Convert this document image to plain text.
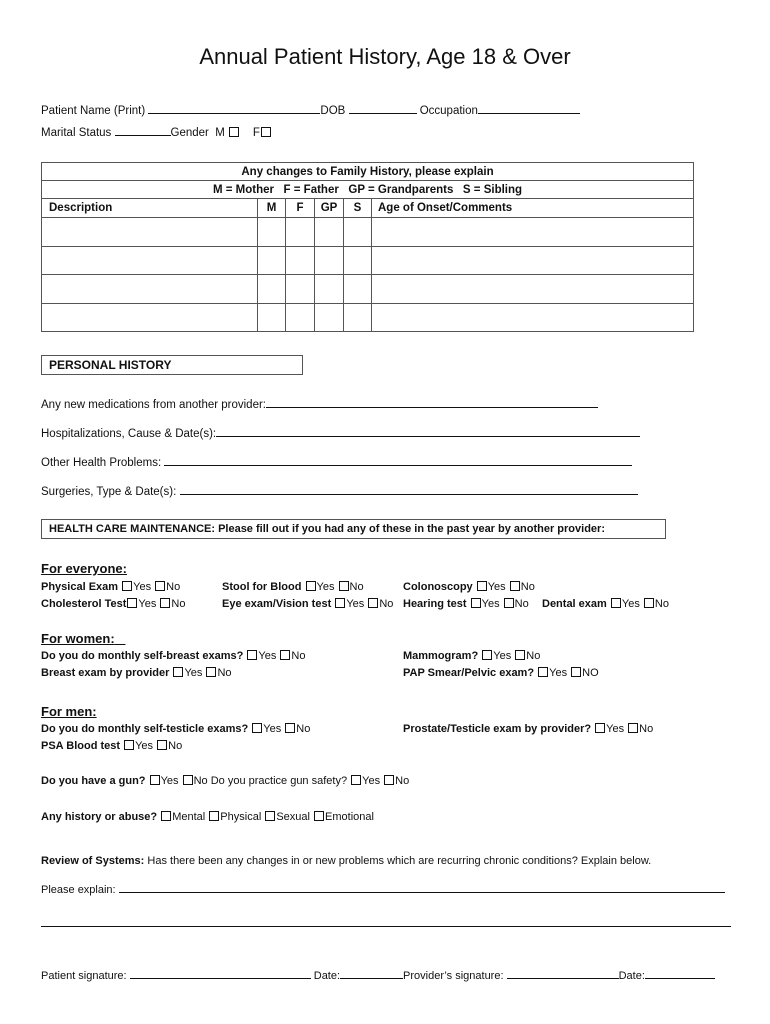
Annual Patient History, Age 18 & Over
Patient Name (Print)	DOB	Occupation
Marital Status	Gender M F
Any changes to Family History, please explain					
M = Mother   F = Father   GP = Grandparents   S = Sibling					
Description	M	F	GP	S	Age of Onset/Comments

PERSONAL HISTORY
Any new medications from another provider:
Hospitalizations, Cause & Date(s):
Other Health Problems:
Surgeries, Type & Date(s):
HEALTH CARE MAINTENANCE: Please fill out if you had any of these in the past year by another provider:
For everyone:
Physical Exam Yes No	Stool for Blood Yes No	Colonoscopy Yes No
Cholesterol Test Yes No	Eye exam/Vision test Yes No Hearing test Yes No Dental exam Yes No
For women:
Do you do monthly self-breast exams? Yes No	Mammogram? Yes No
Breast exam by provider Yes No	PAP Smear/Pelvic exam? Yes NO
For men:
Do you do monthly self-testicle exams? Yes No	Prostate/Testicle exam by provider? Yes No
PSA Blood test Yes No
Do you have a gun? Yes No Do you practice gun safety? Yes No
Any history or abuse? Mental Physical Sexual Emotional
Review of Systems: Has there been any changes in or new problems which are recurring chronic conditions? Explain below.
Please explain:
Patient signature:	Date:	Provider’s signature:	Date:
